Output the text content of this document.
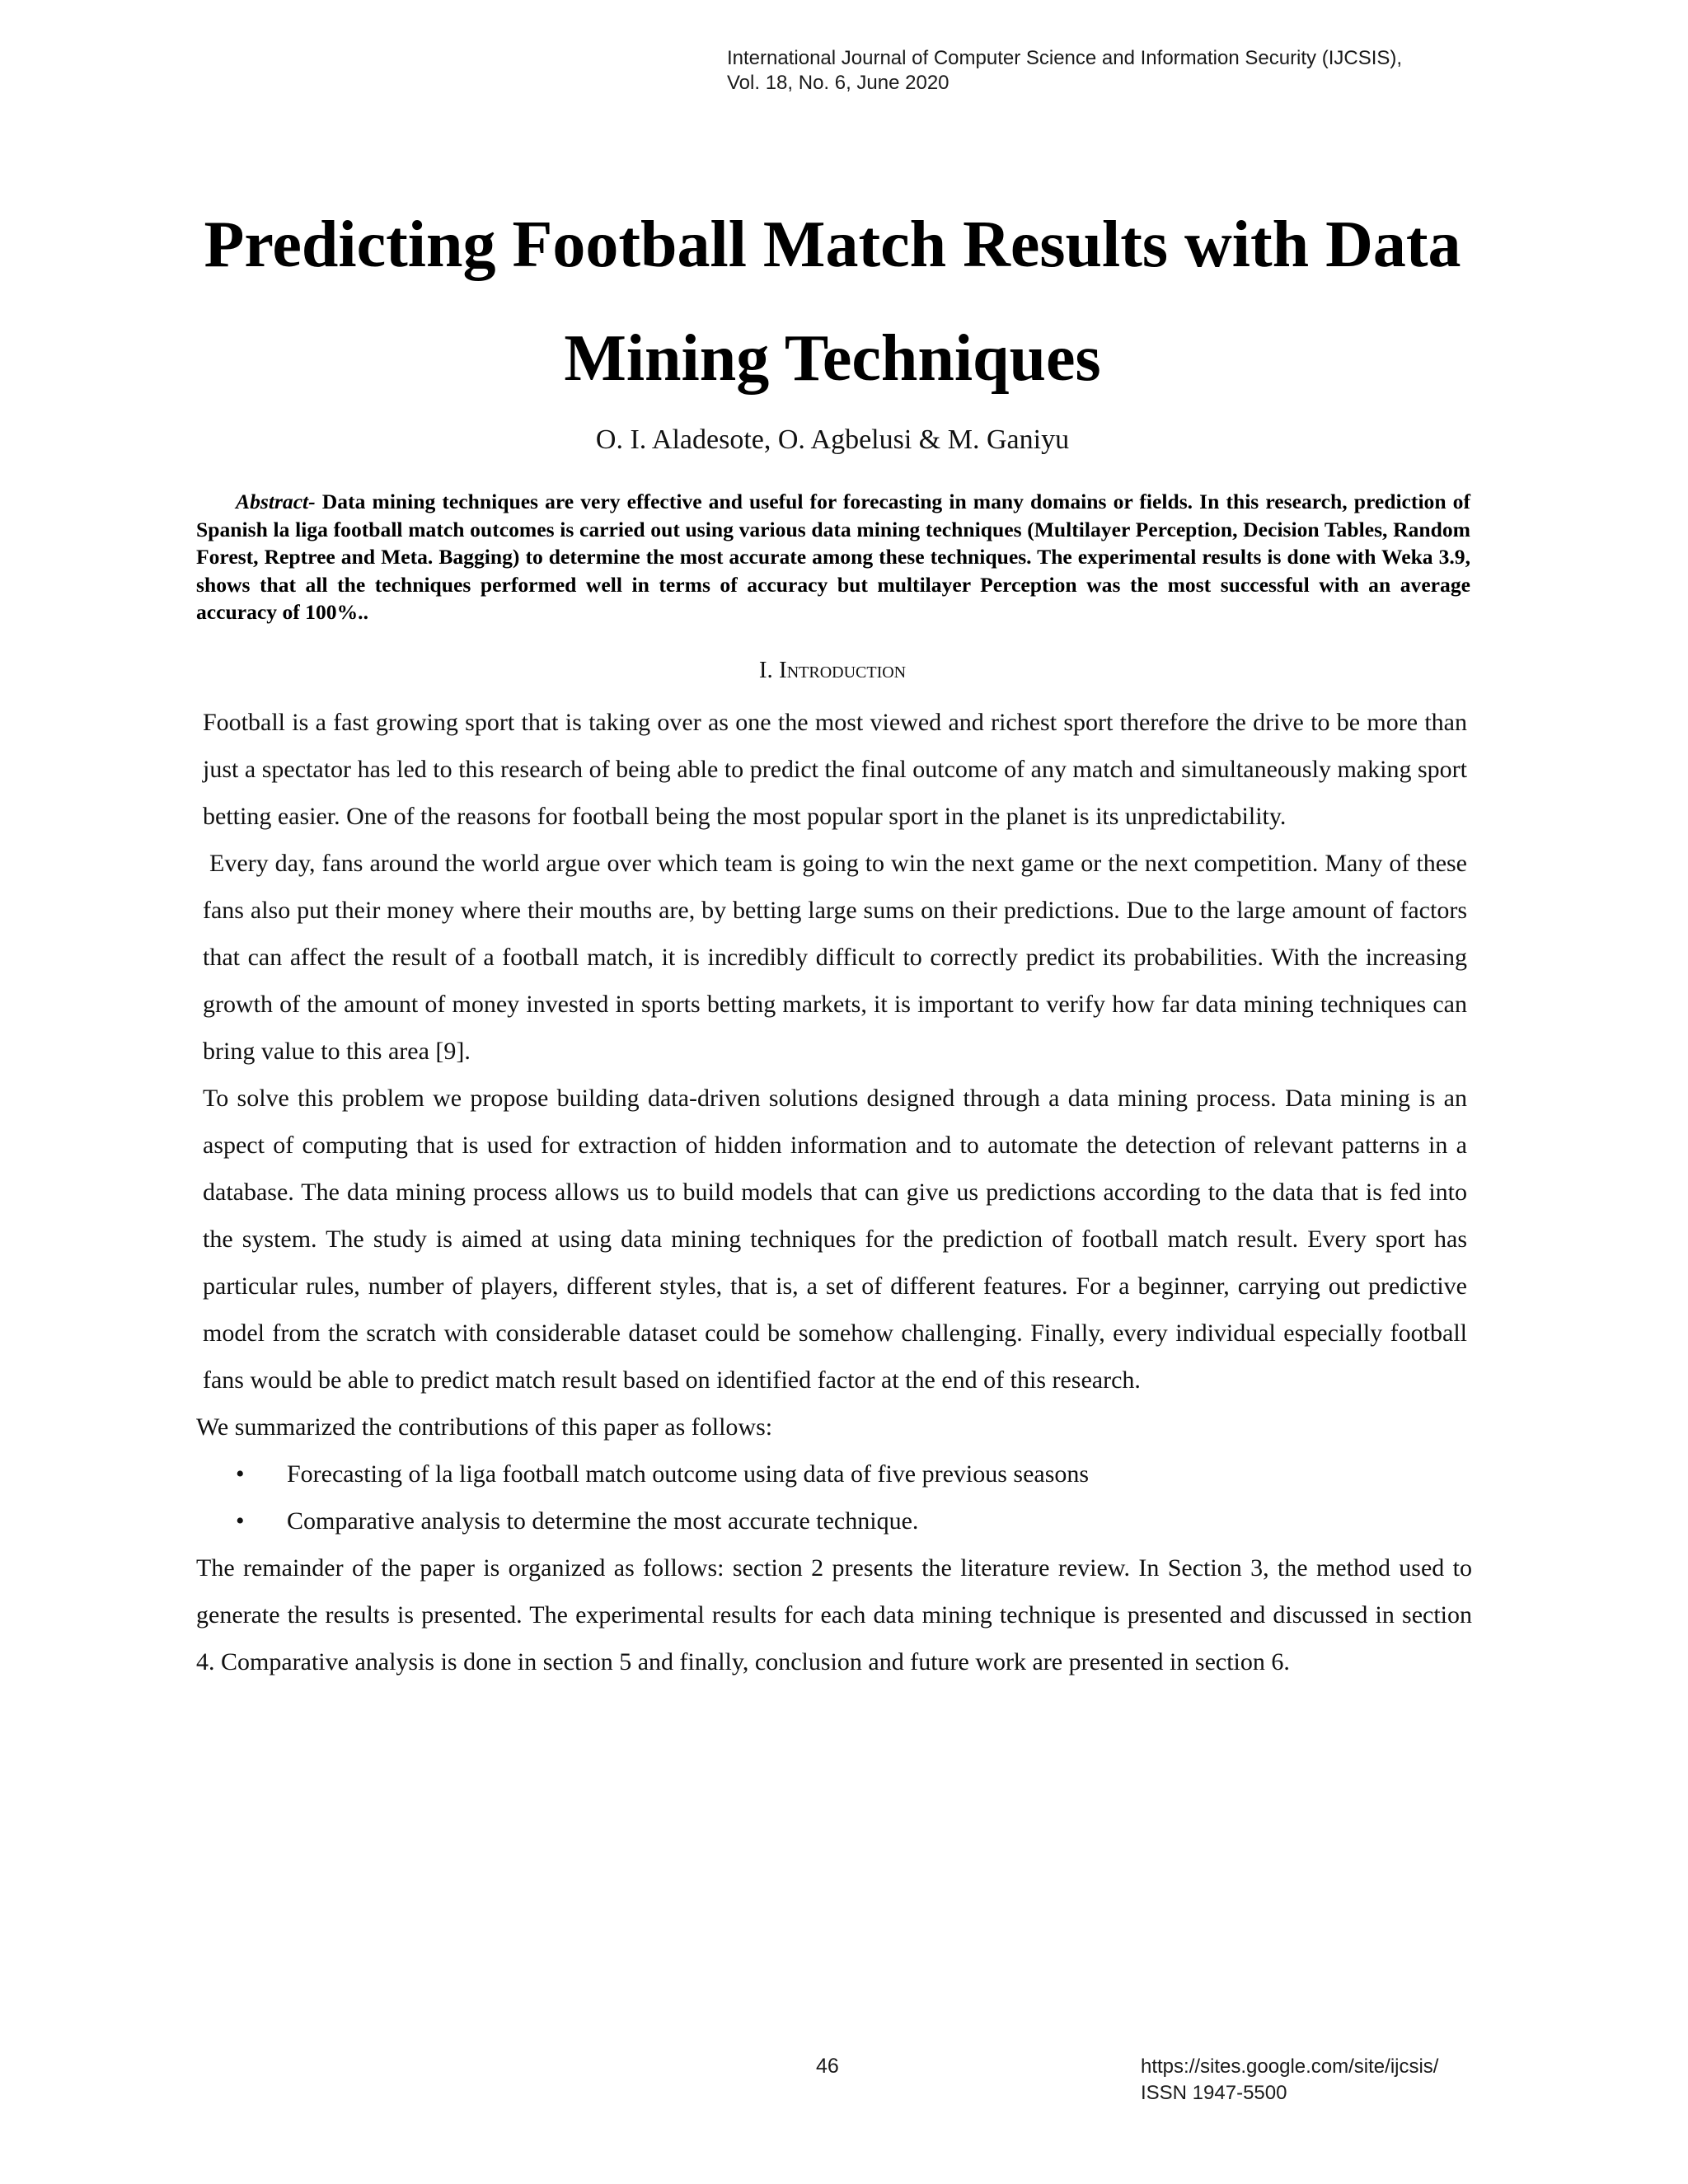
International Journal of Computer Science and Information Security (IJCSIS),
Vol. 18, No. 6, June 2020
Predicting Football Match Results with Data
Mining Techniques
O. I. Aladesote, O. Agbelusi & M. Ganiyu
Abstract- Data mining techniques are very effective and useful for forecasting in many domains or fields. In this research, prediction of Spanish la liga football match outcomes is carried out using various data mining techniques (Multilayer Perception, Decision Tables, Random Forest, Reptree and Meta. Bagging) to determine the most accurate among these techniques. The experimental results is done with Weka 3.9, shows that all the techniques performed well in terms of accuracy but multilayer Perception was the most successful with an average accuracy of 100%..
I. Introduction

Football is a fast growing sport that is taking over as one the most viewed and richest sport therefore the drive to be more than just a spectator has led to this research of being able to predict the final outcome of any match and simultaneously making sport betting easier. One of the reasons for football being the most popular sport in the planet is its unpredictability.

Every day, fans around the world argue over which team is going to win the next game or the next competition. Many of these fans also put their money where their mouths are, by betting large sums on their predictions. Due to the large amount of factors that can affect the result of a football match, it is incredibly difficult to correctly predict its probabilities. With the increasing growth of the amount of money invested in sports betting markets, it is important to verify how far data mining techniques can bring value to this area [9].

To solve this problem we propose building data-driven solutions designed through a data mining process. Data mining is an aspect of computing that is used for extraction of hidden information and to automate the detection of relevant patterns in a database. The data mining process allows us to build models that can give us predictions according to the data that is fed into the system. The study is aimed at using data mining techniques for the prediction of football match result. Every sport has particular rules, number of players, different styles, that is, a set of different features. For a beginner, carrying out predictive model from the scratch with considerable dataset could be somehow challenging. Finally, every individual especially football fans would be able to predict match result based on identified factor at the end of this research.

We summarized the contributions of this paper as follows:

• Forecasting of la liga football match outcome using data of five previous seasons
• Comparative analysis to determine the most accurate technique.

The remainder of the paper is organized as follows: section 2 presents the literature review. In Section 3, the method used to generate the results is presented. The experimental results for each data mining technique is presented and discussed in section 4. Comparative analysis is done in section 5 and finally, conclusion and future work are presented in section 6.

46	https://sites.google.com/site/ijcsis/
ISSN 1947-5500
